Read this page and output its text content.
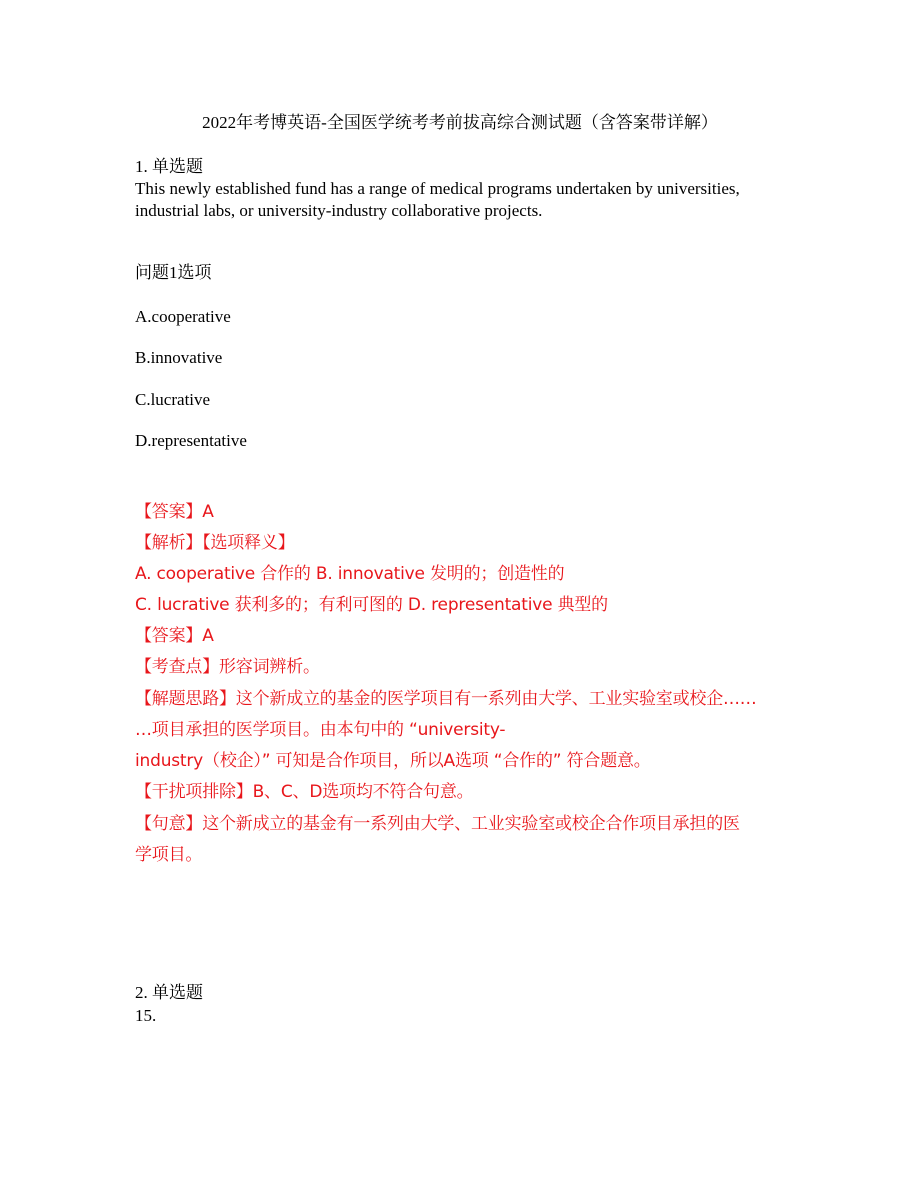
2022年考博英语-全国医学统考考前拔高综合测试题（含答案带详解）
1. 单选题
This newly established fund has a range of medical programs undertaken by universities, industrial labs, or university-industry collaborative projects.
问题1选项
A.cooperative
B.innovative
C.lucrative
D.representative
【答案】A
【解析】【选项释义】
A. cooperative 合作的 B. innovative 发明的；创造性的
C. lucrative 获利多的；有利可图的 D. representative 典型的
【答案】A
【考查点】形容词辨析。
【解题思路】这个新成立的基金的医学项目有一系列由大学、工业实验室或校企……
…项目承担的医学项目。由本句中的 “university-
industry（校企）” 可知是合作项目，所以A选项 “合作的” 符合题意。
【干扰项排除】B、C、D选项均不符合句意。
【句意】这个新成立的基金有一系列由大学、工业实验室或校企合作项目承担的医
学项目。
2. 单选题
15.
